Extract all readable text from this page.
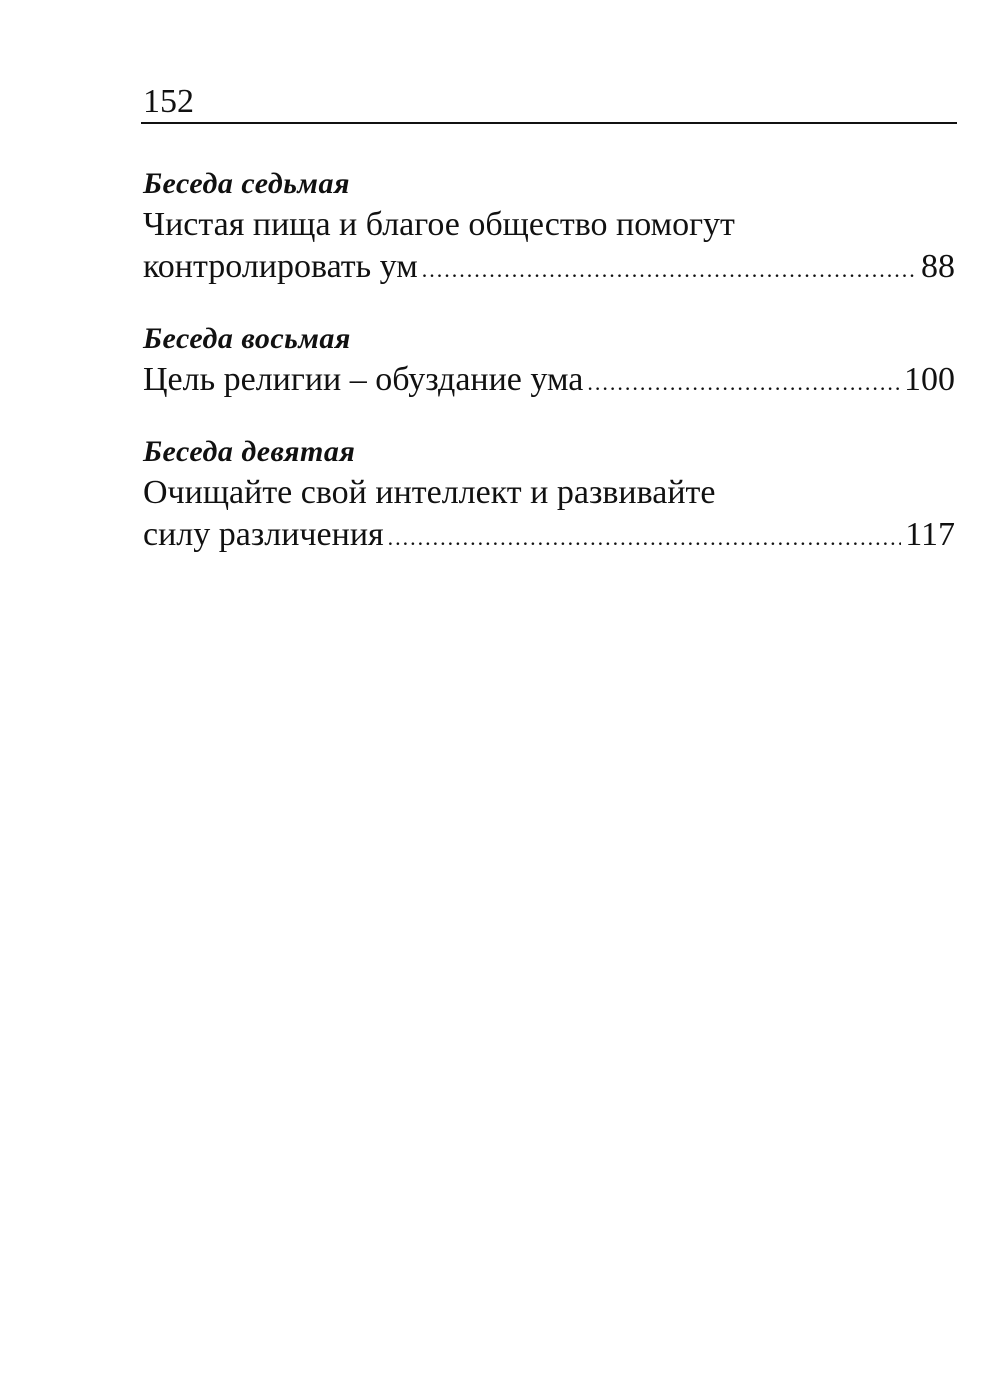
152
Беседа седьмая
Чистая пища и благое общество помогут
контролировать ум .....	88
Беседа восьмая
Цель религии – обуздание ума .....	100
Беседа девятая
Очищайте свой интеллект и развивайте
силу различения .....	117
